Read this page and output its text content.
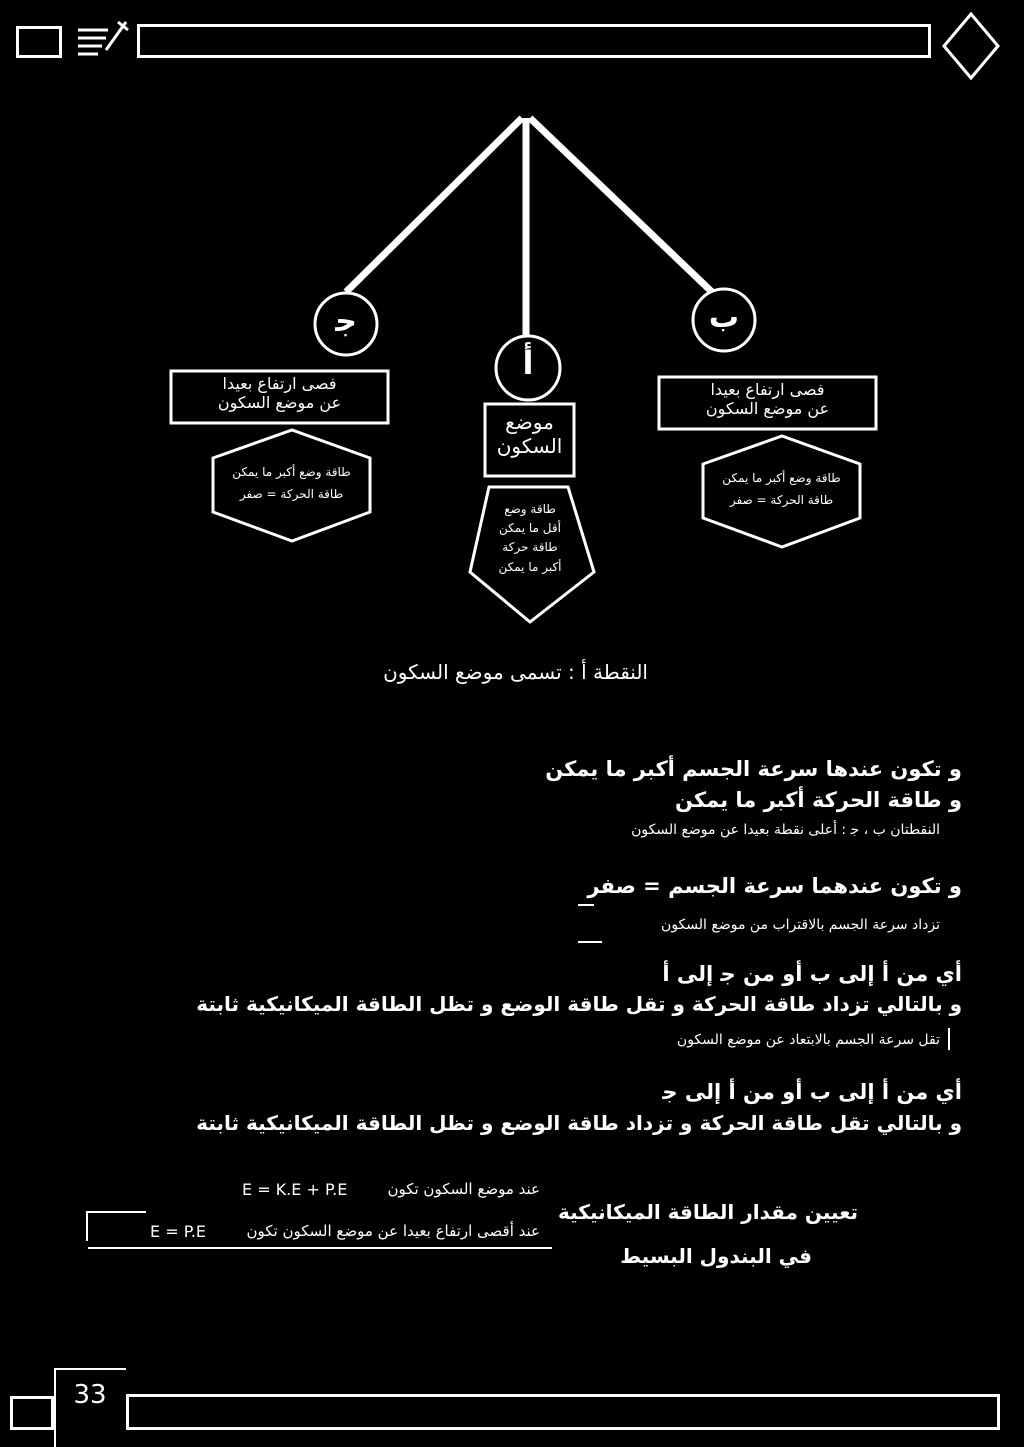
ﺟ
أ
ب
فصى ارتفاع بعيدا
عن موضع السكون
فصى ارتفاع بعيدا
عن موضع السكون
موضع
السكون
طاقة وضع أكبر ما يمكن
طاقة الحركة = صفر
طاقة وضع أكبر ما يمكن
طاقة الحركة = صفر
طاقة وضع
أقل ما يمكن
طاقة حركة
أكبر ما يمكن
النقطة أ : تسمى موضع السكون
و تكون عندها سرعة الجسم أكبر ما يمكن
و طاقة الحركة أكبر ما يمكن
النقطتان ب ، ﺟ : أعلى نقطة بعيدا عن موضع السكون
و تكون عندهما سرعة الجسم = صفر
تزداد سرعة الجسم بالاقتراب من موضع السكون
أي من أ إلى ب أو من ﺟ إلى أ
و بالتالي تزداد طاقة الحركة و تقل طاقة الوضع و تظل الطاقة الميكانيكية ثابتة
تقل سرعة الجسم بالابتعاد عن موضع السكون
أي من أ إلى ب أو من أ إلى ﺟ
و بالتالي تقل طاقة الحركة و تزداد طاقة الوضع و تظل الطاقة الميكانيكية ثابتة
E = K.E + P.E	عند موضع السكون تكون
E = P.E	عند أقصى ارتفاع بعيدا عن موضع السكون تكون
تعيين مقدار الطاقة الميكانيكية
في البندول البسيط
33
